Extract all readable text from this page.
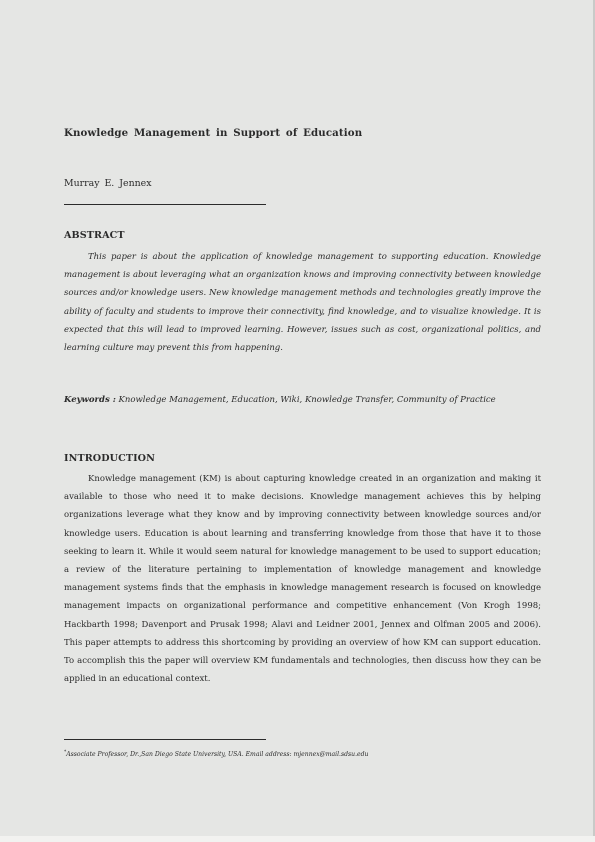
Knowledge Management in Support of Education
Murray E. Jennex
ABSTRACT

This paper is about the application of knowledge management to supporting education. Knowledge management is about leveraging what an organization knows and improving connectivity between knowledge sources and/or knowledge users. New knowledge management methods and technologies greatly improve the ability of faculty and students to improve their connectivity, find knowledge, and to visualize knowledge. It is expected that this will lead to improved learning. However, issues such as cost, organizational politics, and learning culture may prevent this from happening.

Keywords : Knowledge Management, Education, Wiki, Knowledge Transfer, Community of Practice

INTRODUCTION

Knowledge management (KM) is about capturing knowledge created in an organization and making it available to those who need it to make decisions. Knowledge management achieves this by helping organizations leverage what they know and by improving connectivity between knowledge sources and/or knowledge users. Education is about learning and transferring knowledge from those that have it to those seeking to learn it. While it would seem natural for knowledge management to be used to support education; a review of the literature pertaining to implementation of knowledge management and knowledge management systems finds that the emphasis in knowledge management research is focused on knowledge management impacts on organizational performance and competitive enhancement (Von Krogh 1998; Hackbarth 1998; Davenport and Prusak 1998; Alavi and Leidner 2001, Jennex and Olfman 2005 and 2006). This paper attempts to address this shortcoming by providing an overview of how KM can support education. To accomplish this the paper will overview KM fundamentals and technologies, then discuss how they can be applied in an educational context.

*Associate Professor, Dr.,San Diego State University, USA. Email address: mjennex@mail.sdsu.edu
